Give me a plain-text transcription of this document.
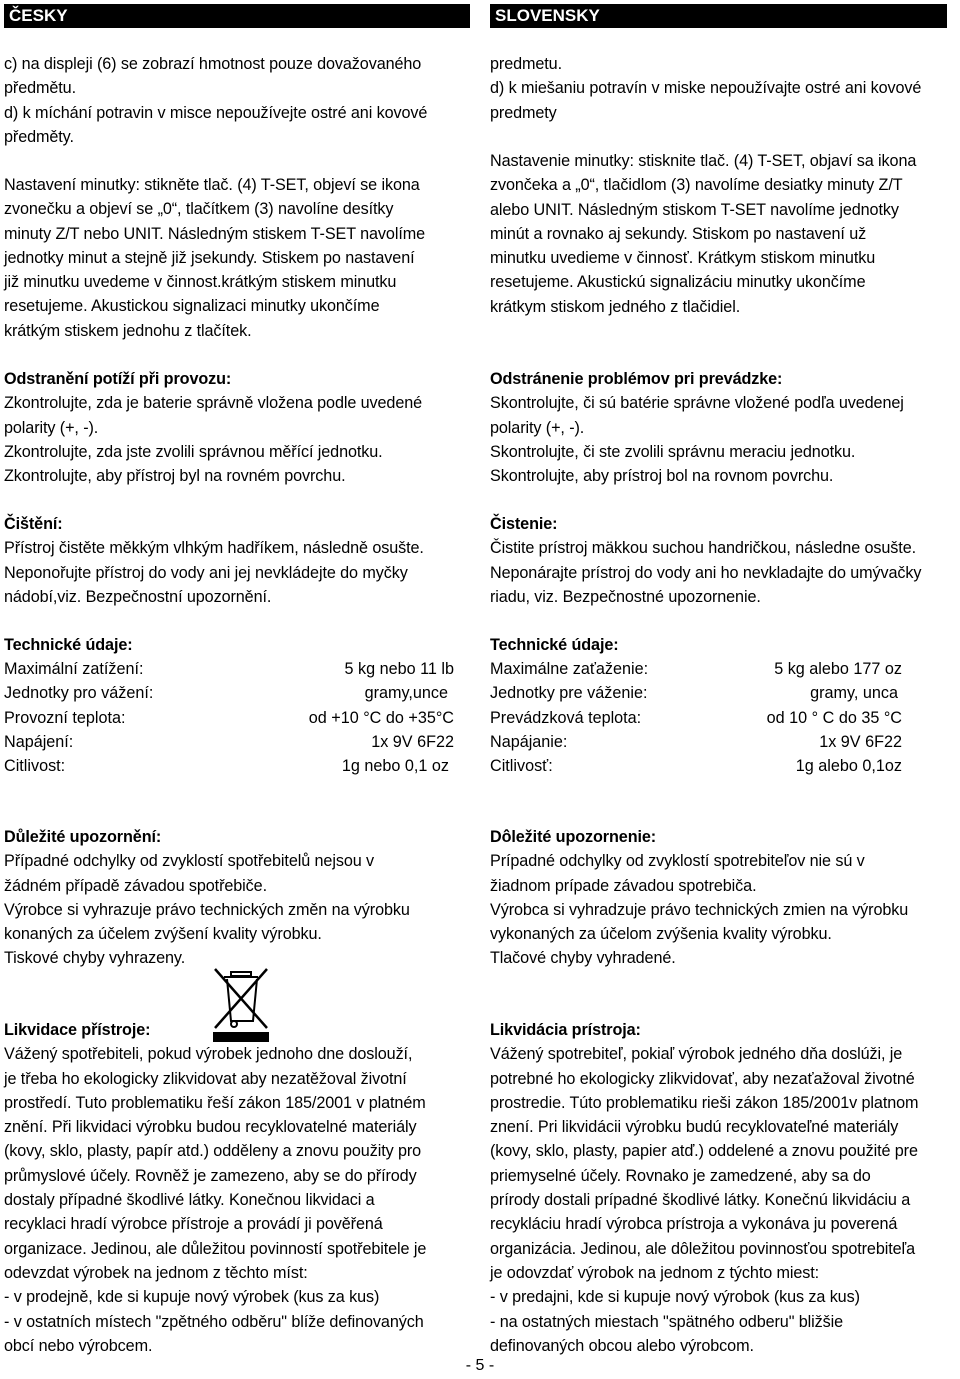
ČESKY

c) na displeji (6) se zobrazí hmotnost pouze dovažovaného

předmětu.

d) k míchání potravin v misce nepoužívejte ostré ani kovové

předměty.

Nastavení minutky: stikněte tlač. (4) T-SET, objeví se ikona

zvonečku a objeví se „0“, tlačítkem (3) navolíne desítky

minuty Z/T nebo UNIT. Následným stiskem T-SET navolíme

jednotky minut a stejně již jsekundy. Stiskem po nastavení

již minutku uvedeme v činnost.krátkým stiskem minutku

resetujeme. Akustickou signalizaci minutky ukončíme

krátkým stiskem jednohu z tlačítek.

Odstranění potíží při provozu:

Zkontrolujte, zda je baterie správně vložena podle uvedené

polarity (+, -).

Zkontrolujte, zda jste zvolili správnou měřící jednotku.

Zkontrolujte, aby přístroj byl na rovném povrchu.

Čištění:

Přístroj čistěte měkkým vlhkým hadříkem, následně osušte.

Neponořujte přístroj do vody ani jej nevkládejte do myčky

nádobí,viz. Bezpečnostní upozornění.

Technické údaje:
Maximální zatížení:	5 kg nebo 11 lb
Jednotky pro vážení:	gramy,unce
Provozní teplota:	od +10 °C do +35°C
Napájení:	1x 9V 6F22
Citlivost:	1g nebo 0,1 oz

Důležité upozornění:

Případné odchylky od zvyklostí spotřebitelů nejsou v

žádném případě závadou spotřebiče.

Výrobce si vyhrazuje právo technických změn na výrobku

konaných za účelem zvýšení kvality výrobku.

Tiskové chyby vyhrazeny.

Likvidace přístroje:

Vážený spotřebiteli, pokud výrobek jednoho dne doslouží,

je třeba ho ekologicky zlikvidovat aby nezatěžoval životní

prostředí. Tuto problematiku řeší zákon 185/2001 v platném

znění. Při likvidaci výrobku budou recyklovatelné materiály

(kovy, sklo, plasty, papír atd.) odděleny a znovu použity pro

průmyslové účely. Rovněž je zamezeno, aby se do přírody

dostaly případné škodlivé látky. Konečnou likvidaci a

recyklaci hradí výrobce přístroje a provádí ji pověřená

organizace. Jedinou, ale důležitou povinností spotřebitele je

odevzdat výrobek na jednom z těchto míst:

- v prodejně, kde si kupuje nový výrobek (kus za kus)

- v ostatních místech "zpětného odběru" blíže definovaných

obcí nebo výrobcem.

SLOVENSKY

predmetu.

d) k miešaniu potravín v miske nepoužívajte ostré ani kovové

predmety

Nastavenie minutky: stisknite tlač. (4) T-SET, objaví sa ikona

zvončeka a „0“, tlačidlom (3) navolíme desiatky minuty Z/T

alebo UNIT. Následným stiskom T-SET navolíme jednotky

minút a rovnako aj sekundy. Stiskom po nastavení už

minutku uvedieme v činnosť. Krátkym stiskom minutku

resetujeme. Akustickú signalizáciu minutky ukončíme

krátkym stiskom jedného z tlačidiel.

Odstránenie problémov pri prevádzke:

Skontrolujte, či sú batérie správne vložené podľa uvedenej

polarity (+, -).

Skontrolujte, či ste zvolili správnu meraciu jednotku.

Skontrolujte, aby prístroj bol na rovnom povrchu.

Čistenie:

Čistite prístroj mäkkou suchou handričkou, následne osušte.

Neponárajte prístroj do vody ani ho nevkladajte do umývačky

riadu, viz. Bezpečnostné upozornenie.

Technické údaje:
Maximálne zaťaženie:	5 kg alebo 177 oz
Jednotky pre váženie:	gramy, unca
Prevádzková teplota:	od 10 ° C do 35 °C
Napájanie:	1x 9V 6F22
Citlivosť:	1g alebo 0,1oz

Dôležité upozornenie:

Prípadné odchylky od zvyklostí spotrebiteľov nie sú v

žiadnom prípade závadou spotrebiča.

Výrobca si vyhradzuje právo technických zmien na výrobku

vykonaných za účelom zvýšenia kvality výrobku.

Tlačové chyby vyhradené.

Likvidácia prístroja:

Vážený spotrebiteľ, pokiaľ výrobok jedného dňa doslúži, je

potrebné ho ekologicky zlikvidovať, aby nezaťažoval životné

prostredie. Túto problematiku rieši zákon 185/2001v platnom

znení. Pri likvidácii výrobku budú recyklovateľné materiály

(kovy, sklo, plasty, papier atď.) oddelené a znovu použité pre

priemyselné účely. Rovnako je zamedzené, aby sa do

prírody dostali prípadné škodlivé látky. Konečnú likvidáciu a

recykláciu hradí výrobca prístroja a vykonáva ju poverená

organizácia. Jedinou, ale dôležitou povinnosťou spotrebiteľa

je odovzdať výrobok na jednom z týchto miest:

- v predajni, kde si kupuje nový výrobok (kus za kus)

- na ostatných miestach "spätného odberu" bližšie

definovaných obcou alebo výrobcom.

- 5 -
